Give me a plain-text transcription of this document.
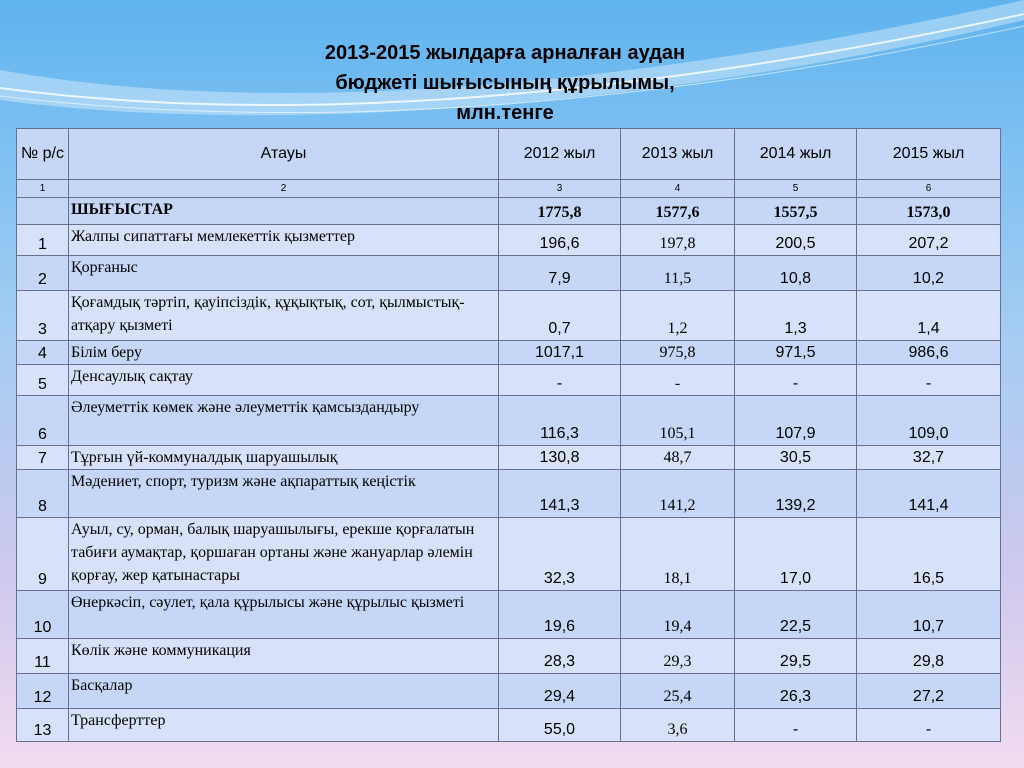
2013-2015 жылдарға арналған аудан
бюджеті шығысының құрылымы,
млн.тенге
№ р/с	Атауы	2012 жыл	2013 жыл	2014 жыл	2015 жыл
1	2	3	4	5	6
	ШЫҒЫСТАР	1775,8	1577,6	1557,5	1573,0
1	Жалпы сипаттағы мемлекеттік қызметтер	196,6	197,8	200,5	207,2
2	Қорғаныс	7,9	11,5	10,8	10,2
3	Қоғамдық тәртіп, қауіпсіздік, құқықтық, сот, қылмыстық-атқару қызметі	0,7	1,2	1,3	1,4
4	Білім беру	1017,1	975,8	971,5	986,6
5	Денсаулық сақтау	-	-	-	-
6	Әлеуметтік көмек және әлеуметтік қамсыздандыру	116,3	105,1	107,9	109,0
7	Тұрғын үй-коммуналдық шаруашылық	130,8	48,7	30,5	32,7
8	Мәдениет, спорт, туризм және ақпараттық кеңістік	141,3	141,2	139,2	141,4
9	Ауыл, су, орман, балық шаруашылығы, ерекше қорғалатын табиғи аумақтар, қоршаған ортаны және жануарлар әлемін қорғау, жер қатынастары	32,3	18,1	17,0	16,5
10	Өнеркәсіп, сәулет, қала құрылысы және құрылыс қызметі	19,6	19,4	22,5	10,7
11	Көлік және коммуникация	28,3	29,3	29,5	29,8
12	Басқалар	29,4	25,4	26,3	27,2
13	Трансферттер	55,0	3,6	-	-
